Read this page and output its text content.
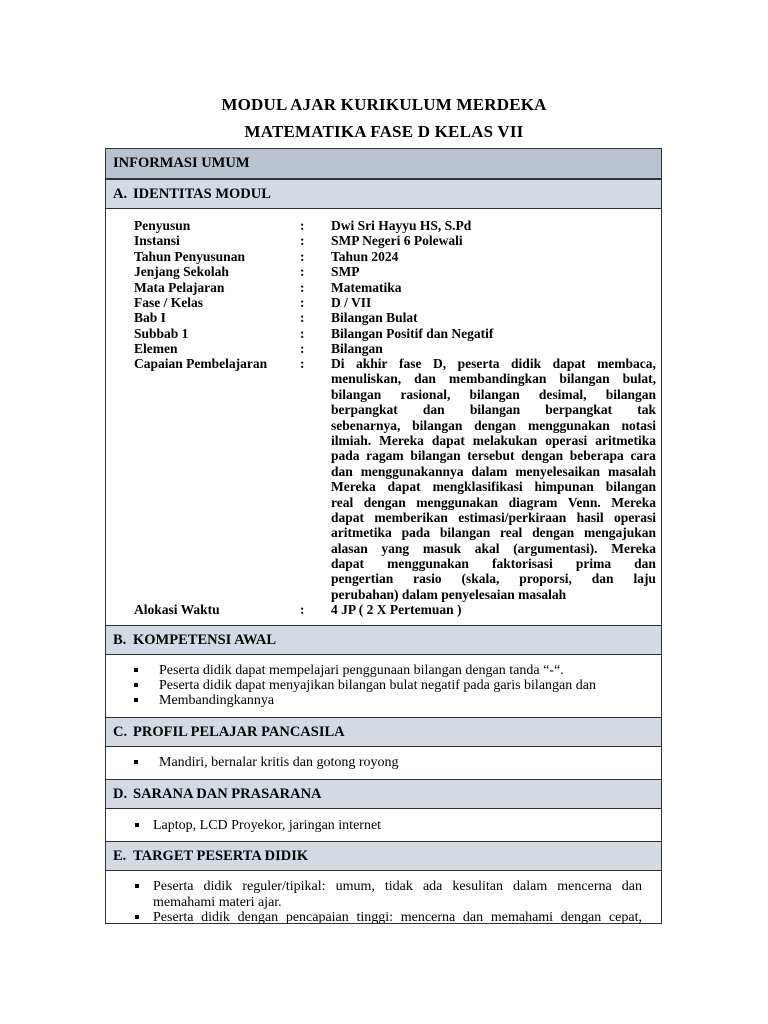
MODUL AJAR KURIKULUM MERDEKA
MATEMATIKA FASE D KELAS VII
INFORMASI UMUM
A. IDENTITAS MODUL
Penyusun	:	Dwi Sri Hayyu HS, S.Pd
Instansi	:	SMP Negeri 6 Polewali
Tahun Penyusunan	:	Tahun 2024
Jenjang Sekolah	:	SMP
Mata Pelajaran	:	Matematika
Fase / Kelas	:	D / VII
Bab I	:	Bilangan Bulat
Subbab 1	:	Bilangan Positif dan Negatif
Elemen	:	Bilangan
Capaian Pembelajaran	:	Di akhir fase D, peserta didik dapat membaca,
menuliskan, dan membandingkan bilangan bulat,
bilangan rasional, bilangan desimal, bilangan
berpangkat dan bilangan berpangkat tak
sebenarnya, bilangan dengan menggunakan notasi
ilmiah. Mereka dapat melakukan operasi aritmetika
pada ragam bilangan tersebut dengan beberapa cara
dan menggunakannya dalam menyelesaikan masalah
Mereka dapat mengklasifikasi himpunan bilangan
real dengan menggunakan diagram Venn. Mereka
dapat memberikan estimasi/perkiraan hasil operasi
aritmetika pada bilangan real dengan mengajukan
alasan yang masuk akal (argumentasi). Mereka
dapat menggunakan faktorisasi prima dan
pengertian rasio (skala, proporsi, dan laju
perubahan) dalam penyelesaian masalah
Alokasi Waktu	:	4 JP ( 2 X Pertemuan )
B. KOMPETENSI AWAL
Peserta didik dapat mempelajari penggunaan bilangan dengan tanda “-“.
Peserta didik dapat menyajikan bilangan bulat negatif pada garis bilangan dan
Membandingkannya
C. PROFIL PELAJAR PANCASILA
Mandiri, bernalar kritis dan gotong royong
D. SARANA DAN PRASARANA
Laptop, LCD Proyekor, jaringan internet
E. TARGET PESERTA DIDIK
Peserta didik reguler/tipikal: umum, tidak ada kesulitan dalam mencerna dan
memahami materi ajar.
Peserta didik dengan pencapaian tinggi: mencerna dan memahami dengan cepat,
